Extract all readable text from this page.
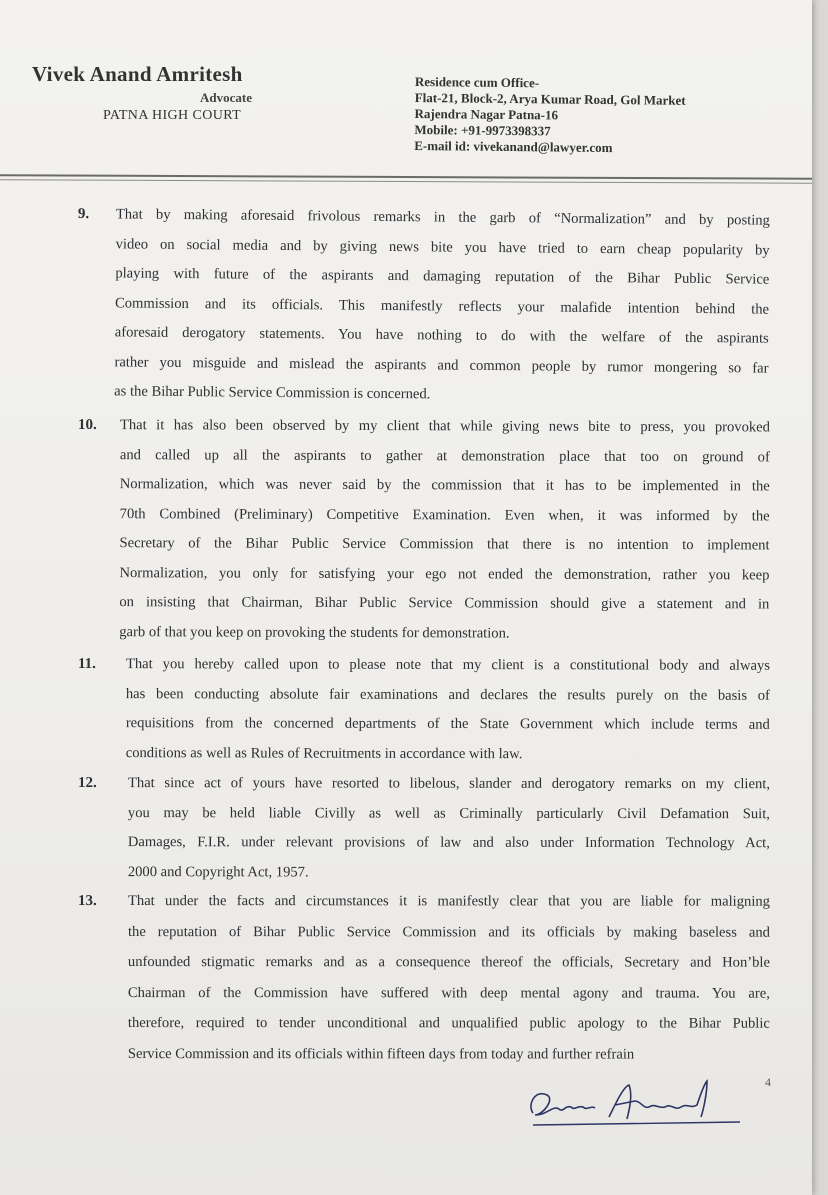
Vivek Anand Amritesh
Advocate
PATNA HIGH COURT
Residence cum Office-
Flat-21, Block-2, Arya Kumar Road, Gol Market
Rajendra Nagar Patna-16
Mobile: +91-9973398337
E-mail id: vivekanand@lawyer.com
9. That by making aforesaid frivolous remarks in the garb of “Normalization” and by posting
video on social media and by giving news bite you have tried to earn cheap popularity by
playing with future of the aspirants and damaging reputation of the Bihar Public Service
Commission and its officials. This manifestly reflects your malafide intention behind the
aforesaid derogatory statements. You have nothing to do with the welfare of the aspirants
rather you misguide and mislead the aspirants and common people by rumor mongering so far
as the Bihar Public Service Commission is concerned.
10. That it has also been observed by my client that while giving news bite to press, you provoked
and called up all the aspirants to gather at demonstration place that too on ground of
Normalization, which was never said by the commission that it has to be implemented in the
70th Combined (Preliminary) Competitive Examination. Even when, it was informed by the
Secretary of the Bihar Public Service Commission that there is no intention to implement
Normalization, you only for satisfying your ego not ended the demonstration, rather you keep
on insisting that Chairman, Bihar Public Service Commission should give a statement and in
garb of that you keep on provoking the students for demonstration.
11. That you hereby called upon to please note that my client is a constitutional body and always
has been conducting absolute fair examinations and declares the results purely on the basis of
requisitions from the concerned departments of the State Government which include terms and
conditions as well as Rules of Recruitments in accordance with law.
12. That since act of yours have resorted to libelous, slander and derogatory remarks on my client,
you may be held liable Civilly as well as Criminally particularly Civil Defamation Suit,
Damages, F.I.R. under relevant provisions of law and also under Information Technology Act,
2000 and Copyright Act, 1957.
13. That under the facts and circumstances it is manifestly clear that you are liable for maligning
the reputation of Bihar Public Service Commission and its officials by making baseless and
unfounded stigmatic remarks and as a consequence thereof the officials, Secretary and Hon’ble
Chairman of the Commission have suffered with deep mental agony and trauma. You are,
therefore, required to tender unconditional and unqualified public apology to the Bihar Public
Service Commission and its officials within fifteen days from today and further refrain
4
